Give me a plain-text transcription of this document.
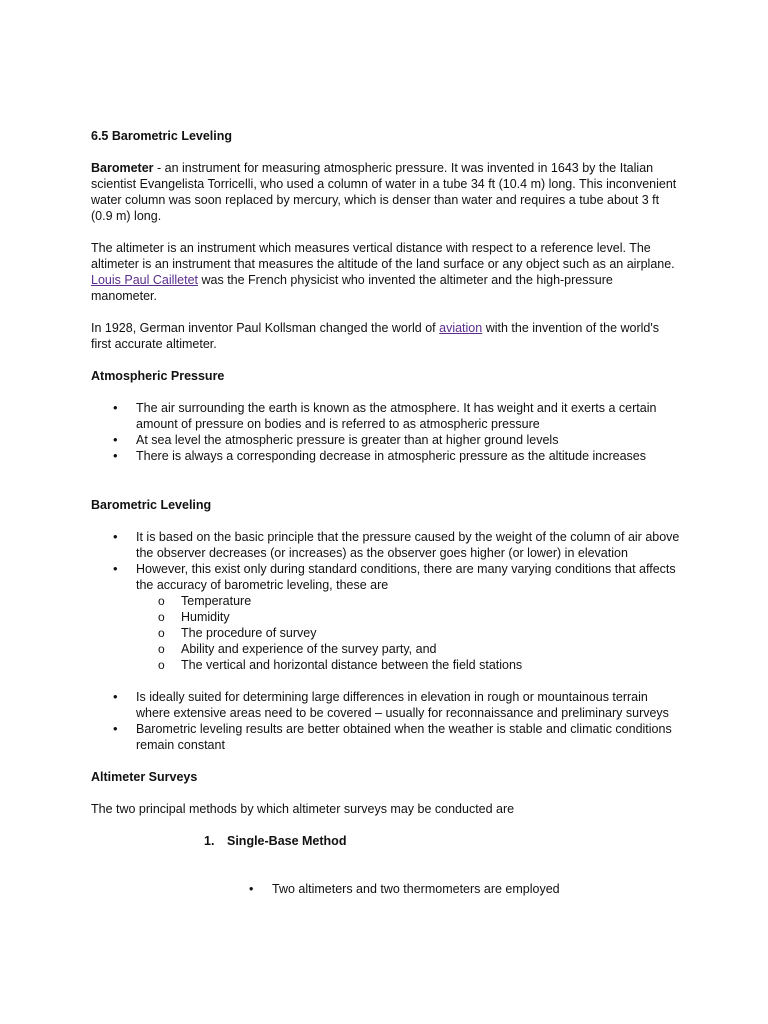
6.5 Barometric Leveling

Barometer - an instrument for measuring atmospheric pressure. It was invented in 1643 by the Italian scientist Evangelista Torricelli, who used a column of water in a tube 34 ft (10.4 m) long. This inconvenient water column was soon replaced by mercury, which is denser than water and requires a tube about 3 ft (0.9 m) long.

The altimeter is an instrument which measures vertical distance with respect to a reference level. The altimeter is an instrument that measures the altitude of the land surface or any object such as an airplane. Louis Paul Cailletet was the French physicist who invented the altimeter and the high-pressure manometer.

In 1928, German inventor Paul Kollsman changed the world of aviation with the invention of the world's first accurate altimeter.

Atmospheric Pressure

• The air surrounding the earth is known as the atmosphere. It has weight and it exerts a certain amount of pressure on bodies and is referred to as atmospheric pressure
• At sea level the atmospheric pressure is greater than at higher ground levels
• There is always a corresponding decrease in atmospheric pressure as the altitude increases

Barometric Leveling

• It is based on the basic principle that the pressure caused by the weight of the column of air above the observer decreases (or increases) as the observer goes higher (or lower) in elevation
• However, this exist only during standard conditions, there are many varying conditions that affects the accuracy of barometric leveling, these are
o Temperature
o Humidity
o The procedure of survey
o Ability and experience of the survey party, and
o The vertical and horizontal distance between the field stations
• Is ideally suited for determining large differences in elevation in rough or mountainous terrain where extensive areas need to be covered – usually for reconnaissance and preliminary surveys
• Barometric leveling results are better obtained when the weather is stable and climatic conditions remain constant

Altimeter Surveys

The two principal methods by which altimeter surveys may be conducted are

1. Single-Base Method
• Two altimeters and two thermometers are employed
